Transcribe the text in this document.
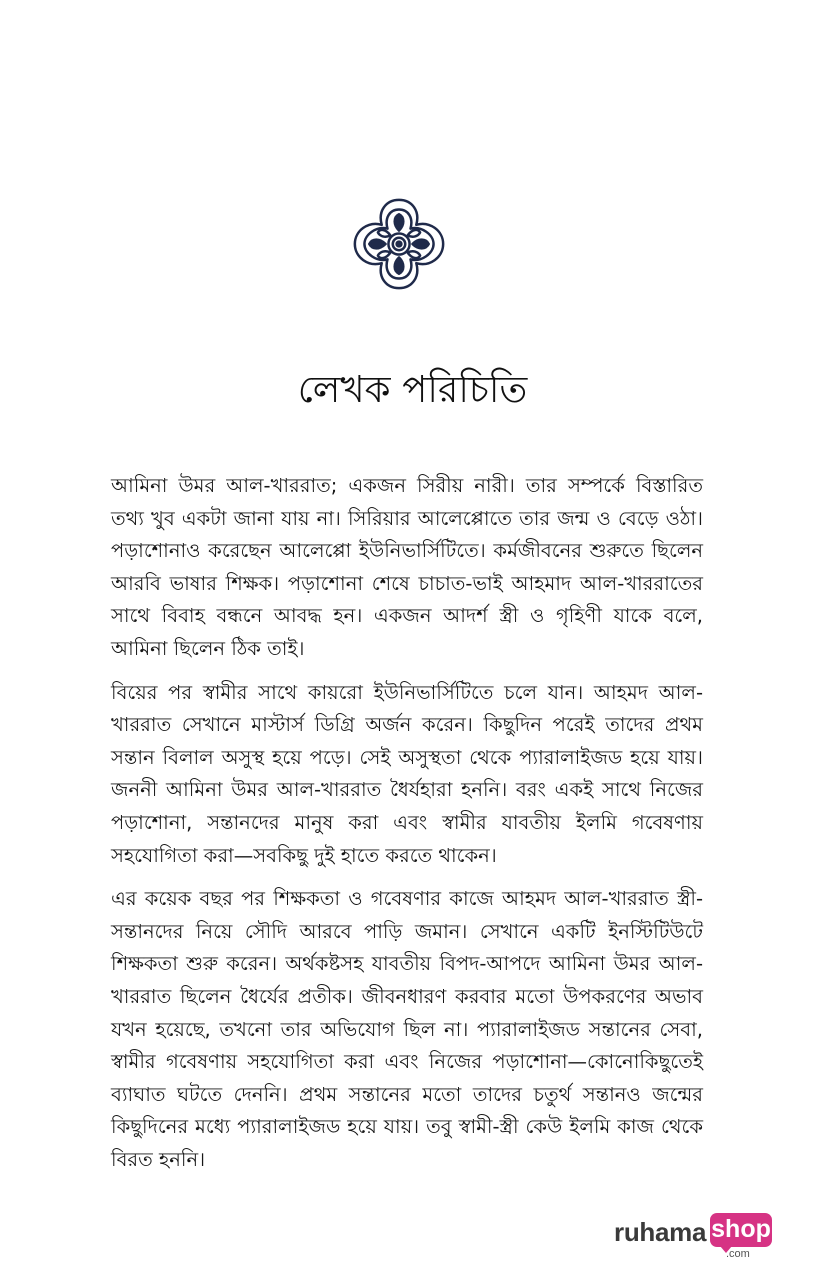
লেখক পরিচিতি

আমিনা উমর আল-খাররাত; একজন সিরীয় নারী। তার সম্পর্কে বিস্তারিত তথ্য খুব একটা জানা যায় না। সিরিয়ার আলেপ্পোতে তার জন্ম ও বেড়ে ওঠা। পড়াশোনাও করেছেন আলেপ্পো ইউনিভার্সিটিতে। কর্মজীবনের শুরুতে ছিলেন আরবি ভাষার শিক্ষক। পড়াশোনা শেষে চাচাত-ভাই আহমাদ আল-খাররাতের সাথে বিবাহ বন্ধনে আবদ্ধ হন। একজন আদর্শ স্ত্রী ও গৃহিণী যাকে বলে, আমিনা ছিলেন ঠিক তাই।

বিয়ের পর স্বামীর সাথে কায়রো ইউনিভার্সিটিতে চলে যান। আহমদ আল-খাররাত সেখানে মাস্টার্স ডিগ্রি অর্জন করেন। কিছুদিন পরেই তাদের প্রথম সন্তান বিলাল অসুস্থ হয়ে পড়ে। সেই অসুস্থতা থেকে প্যারালাইজড হয়ে যায়। জননী আমিনা উমর আল-খাররাত ধৈর্যহারা হননি। বরং একই সাথে নিজের পড়াশোনা, সন্তানদের মানুষ করা এবং স্বামীর যাবতীয় ইলমি গবেষণায় সহযোগিতা করা—সবকিছু দুই হাতে করতে থাকেন।

এর কয়েক বছর পর শিক্ষকতা ও গবেষণার কাজে আহমদ আল-খাররাত স্ত্রী-সন্তানদের নিয়ে সৌদি আরবে পাড়ি জমান। সেখানে একটি ইনস্টিটিউটে শিক্ষকতা শুরু করেন। অর্থকষ্টসহ যাবতীয় বিপদ-আপদে আমিনা উমর আল-খাররাত ছিলেন ধৈর্যের প্রতীক। জীবনধারণ করবার মতো উপকরণের অভাব যখন হয়েছে, তখনো তার অভিযোগ ছিল না। প্যারালাইজড সন্তানের সেবা, স্বামীর গবেষণায় সহযোগিতা করা এবং নিজের পড়াশোনা—কোনোকিছুতেই ব্যাঘাত ঘটতে দেননি। প্রথম সন্তানের মতো তাদের চতুর্থ সন্তানও জন্মের কিছুদিনের মধ্যে প্যারালাইজড হয়ে যায়। তবু স্বামী-স্ত্রী কেউ ইলমি কাজ থেকে বিরত হননি।

ruhama shop
.com
